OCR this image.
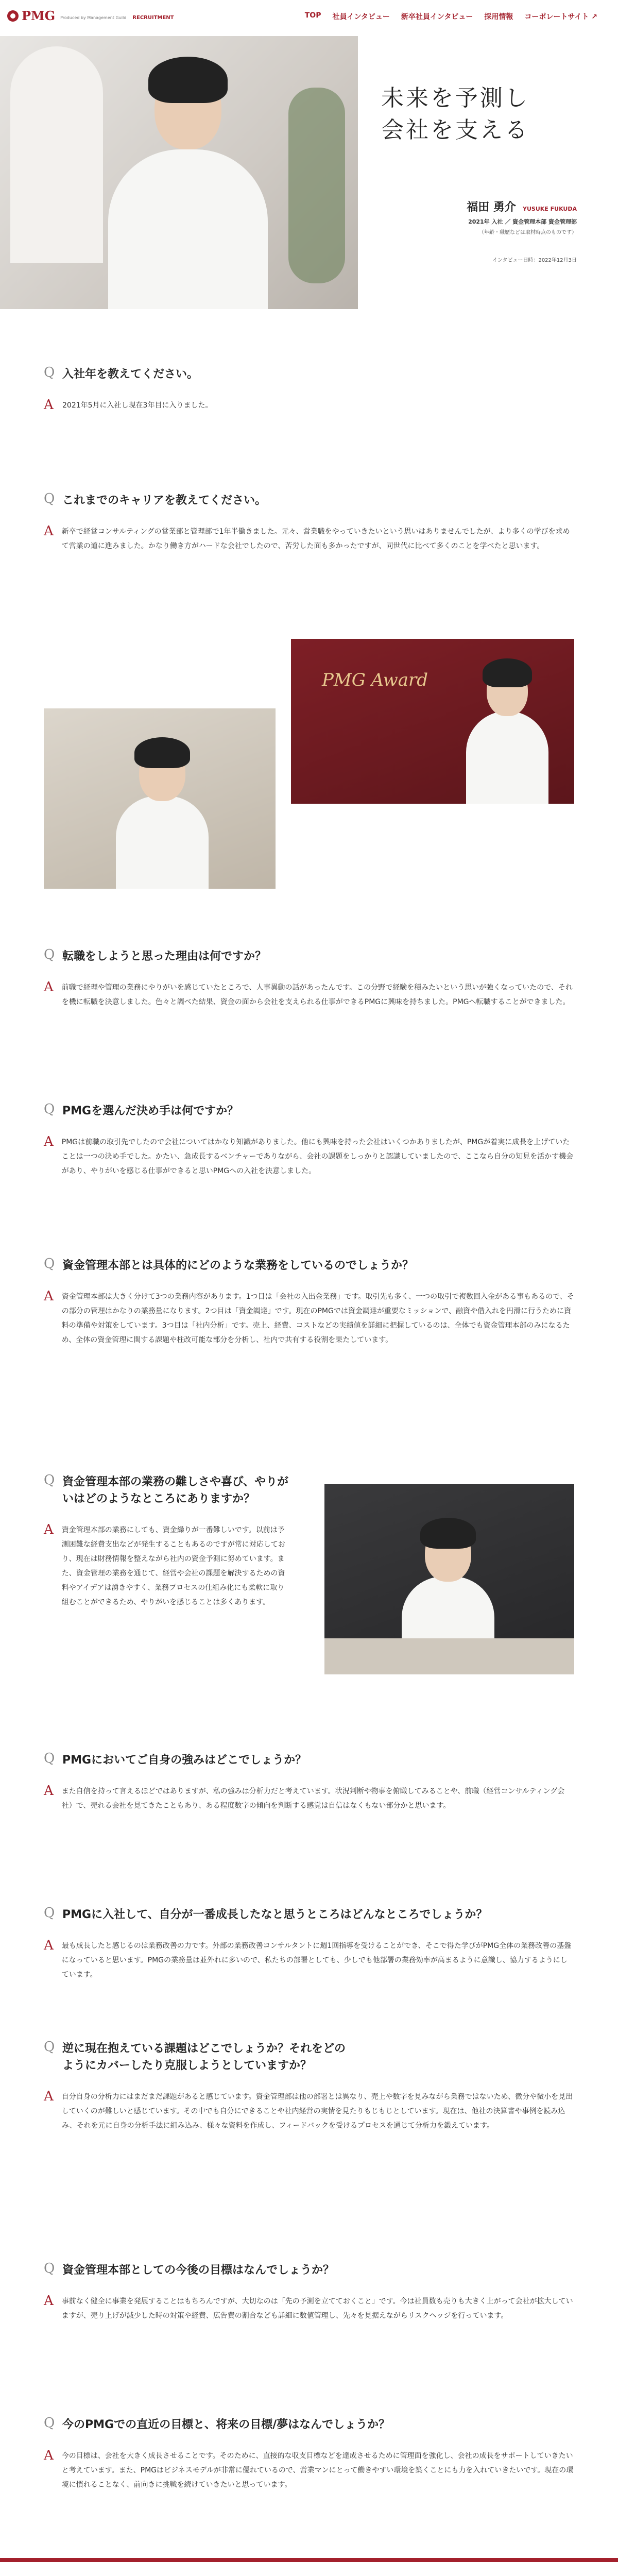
PMG Produced by Management Guild RECRUITMENT	TOP 社員インタビュー 新卒社員インタビュー 採用情報 コーポレートサイト ↗
未来を予測し
会社を支える
福田 勇介 YUSUKE FUKUDA
2021年 入社 ／ 資金管理本部 資金管理部
（年齢・職歴などは取材時点のものです）
インタビュー日時：2022年12月3日
Q 入社年を教えてください。
A 2021年5月に入社し現在3年目に入りました。
Q これまでのキャリアを教えてください。
A 新卒で経営コンサルティングの営業部と管理部で1年半働きました。元々、営業職をやっていきたいという思いはありませんでしたが、より多くの学びを求めて営業の道に進みました。かなり働き方がハードな会社でしたので、苦労した面も多かったですが、同世代に比べて多くのことを学べたと思います。
PMG Award
Q 転職をしようと思った理由は何ですか？
A 前職で経理や管理の業務にやりがいを感じていたところで、人事異動の話があったんです。この分野で経験を積みたいという思いが強くなっていたので、それを機に転職を決意しました。色々と調べた結果、資金の面から会社を支えられる仕事ができるPMGに興味を持ちました。PMGへ転職することができました。
Q PMGを選んだ決め手は何ですか？
A PMGは前職の取引先でしたので会社についてはかなり知識がありました。他にも興味を持った会社はいくつかありましたが、PMGが着実に成長を上げていたことは一つの決め手でした。かたい、急成長するベンチャーでありながら、会社の課題をしっかりと認識していましたので、ここなら自分の知見を活かす機会があり、やりがいを感じる仕事ができると思いPMGへの入社を決意しました。
Q 資金管理本部とは具体的にどのような業務をしているのでしょうか？
A 資金管理本部は大きく分けて3つの業務内容があります。1つ目は「会社の入出金業務」です。取引先も多く、一つの取引で複数回入金がある事もあるので、その部分の管理はかなりの業務量になります。2つ目は「資金調達」です。現在のPMGでは資金調達が重要なミッションで、融資や借入れを円滑に行うために資料の準備や対策をしています。3つ目は「社内分析」です。売上、経費、コストなどの実績値を詳細に把握しているのは、全体でも資金管理本部のみになるため、全体の資金管理に関する課題や柱改可能な部分を分析し、社内で共有する役割を果たしています。
Q 資金管理本部の業務の難しさや喜び、やりがいはどのようなところにありますか？
A 資金管理本部の業務にしても、資金繰りが一番難しいです。以前は予測困難な経費支出などが発生することもあるのですが常に対応しており、現在は財務情報を整えながら社内の資金予測に努めています。また、資金管理の業務を通じて、経営や会社の課題を解決するための資料やアイデアは湧きやすく、業務プロセスの仕組み化にも柔軟に取り組むことができるため、やりがいを感じることは多くあります。
Q PMGにおいてご自身の強みはどこでしょうか？
A また自信を持って言えるほどではありますが、私の強みは分析力だと考えています。状況判断や物事を俯瞰してみることや、前職（経営コンサルティング会社）で、売れる会社を見てきたこともあり、ある程度数字の傾向を判断する感覚は自信はなくもない部分かと思います。
Q PMGに入社して、自分が一番成長したなと思うところはどんなところでしょうか？
A 最も成長したと感じるのは業務改善の力です。外部の業務改善コンサルタントに週1回指導を受けることができ、そこで得た学びがPMG全体の業務改善の基盤になっていると思います。PMGの業務量は並外れに多いので、私たちの部署としても、少しでも他部署の業務効率が高まるように意識し、協力するようにしています。
Q 逆に現在抱えている課題はどこでしょうか？それをどのようにカバーしたり克服しようとしていますか？
A 自分自身の分析力にはまだまだ課題があると感じています。資金管理部は他の部署とは異なり、売上や数字を見みながら業務ではないため、微分や微小を見出していくのが難しいと感じています。その中でも自分にできることや社内経営の実情を見たりもじもじとしています。現在は、他社の決算書や事例を読み込み、それを元に自身の分析手法に組み込み、様々な資料を作成し、フィードバックを受けるプロセスを通じて分析力を鍛えています。
Q 資金管理本部としての今後の目標はなんでしょうか？
A 事前なく健全に事業を発展することはもちろんですが、大切なのは「先の予測を立てておくこと」です。今は社員数も売りも大きく上がって会社が拡大していますが、売り上げが減少した時の対策や経費、広告費の割合なども詳細に数値管理し、先々を見据えながらリスクヘッジを行っています。
Q 今のPMGでの直近の目標と、将来の目標/夢はなんでしょうか？
A 今の目標は、会社を大きく成長させることです。そのために、直接的な収支目標などを達成させるために管理面を強化し、会社の成長をサポートしていきたいと考えています。また、PMGはビジネスモデルが非常に優れているので、営業マンにとって働きやすい環境を築くことにも力を入れていきたいです。現在の環境に慣れることなく、前向きに挑戦を続けていきたいと思っています。
